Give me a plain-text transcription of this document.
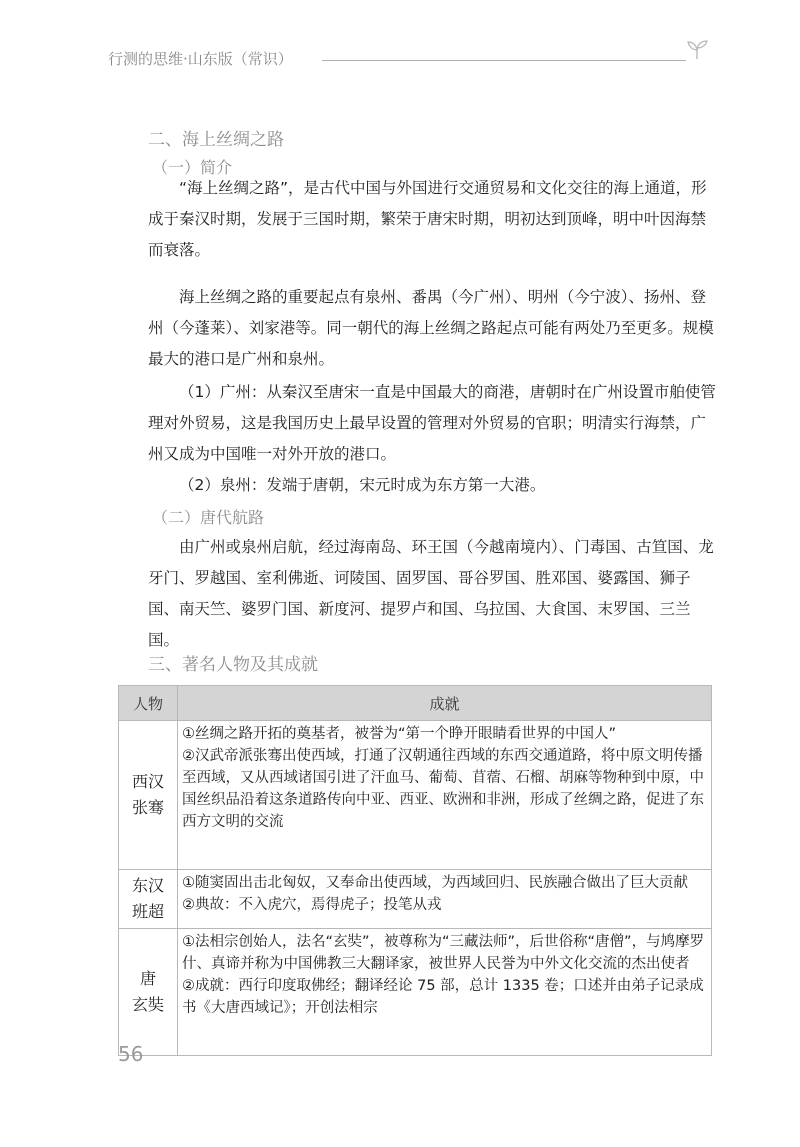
行测的思维·山东版（常识）
二、海上丝绸之路
（一）简介

“海上丝绸之路”，是古代中国与外国进行交通贸易和文化交往的海上通道，形成于秦汉时期，发展于三国时期，繁荣于唐宋时期，明初达到顶峰，明中叶因海禁而衰落。

海上丝绸之路的重要起点有泉州、番禺（今广州）、明州（今宁波）、扬州、登州（今蓬莱）、刘家港等。同一朝代的海上丝绸之路起点可能有两处乃至更多。规模最大的港口是广州和泉州。

（1）广州：从秦汉至唐宋一直是中国最大的商港，唐朝时在广州设置市舶使管理对外贸易，这是我国历史上最早设置的管理对外贸易的官职；明清实行海禁，广州又成为中国唯一对外开放的港口。

（2）泉州：发端于唐朝，宋元时成为东方第一大港。

（二）唐代航路

由广州或泉州启航，经过海南岛、环王国（今越南境内）、门毒国、古笪国、龙牙门、罗越国、室利佛逝、诃陵国、固罗国、哥谷罗国、胜邓国、婆露国、狮子国、南天竺、婆罗门国、新度河、提罗卢和国、乌拉国、大食国、末罗国、三兰国。

三、著名人物及其成就
人物	成就

西汉
张骞	①丝绸之路开拓的奠基者，被誉为“第一个睁开眼睛看世界的中国人”
②汉武帝派张骞出使西域，打通了汉朝通往西域的东西交通道路，将中原文明传播至西域，又从西域诸国引进了汗血马、葡萄、苜蓿、石榴、胡麻等物种到中原，中国丝织品沿着这条道路传向中亚、西亚、欧洲和非洲，形成了丝绸之路，促进了东西方文明的交流

东汉
班超	①随窦固出击北匈奴，又奉命出使西域，为西域回归、民族融合做出了巨大贡献
②典故：不入虎穴，焉得虎子；投笔从戎

唐
玄奘	①法相宗创始人，法名“玄奘”，被尊称为“三藏法师”，后世俗称“唐僧”，与鸠摩罗什、真谛并称为中国佛教三大翻译家，被世界人民誉为中外文化交流的杰出使者
②成就：西行印度取佛经；翻译经论 75 部，总计 1335 卷；口述并由弟子记录成书《大唐西域记》；开创法相宗
56
